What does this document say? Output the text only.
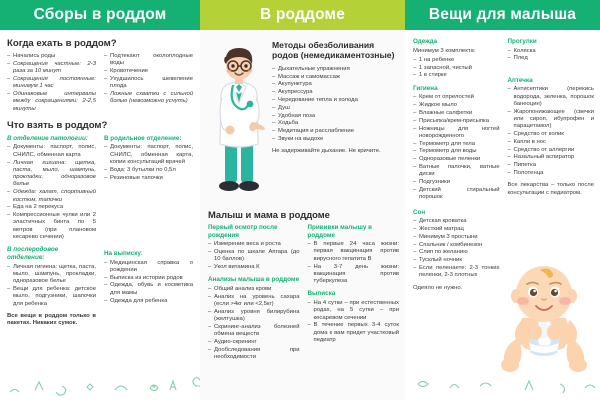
Сборы в роддом	В роддоме	Вещи для малыша
Когда ехать в роддом?
– Начались роды
– Сокращения частные: 2-3 раза за 10 минут
– Сокращения постоянные: минимум 1 час
– Одинаковые интервалы между сокращениями: 2-2,5 минуты
– Подтекают околоплодные воды
– Кровотечение
– Ухудшилось шевеление плода
– Ложные схватки с сильной болью (невозможно уснуть)
Что взять в роддом?
В отделение патологии:
– Документы: паспорт, полис, СНИЛС, обменная карта
– Личная гигиена: щетка, паста, мыло, шампунь, прокладки, одноразовое белье
– Одежда: халат, спортивный костюм, тапочки
– Еда на 2 перекуса
– Компрессионные чулки или 2 эластичных бинта по 5 метров (при плановом кесарево сечении)
В послеродовое отделение:
– Личная гигиена: щетка, паста, мыло, шампунь, прокладки, одноразовое белье
– Вещи для ребенка: детское мыло, подгузники, шапочки для ребенка

Все вещи в роддом только в пакетах. Никаких сумок.

В родильное отделение:
– Документы: паспорт, полис, СНИЛС, обменная карта, копии консультаций врачей
– Вода: 3 бутылки по 0,5л
– Резиновые тапочки
На выписку:
– Медицинская справка о рождении
– Выписка из истории родов
– Одежда, обувь и косметика для мамы
– Одежда для ребенка
Методы обезболивания родов (немедикаментозные)
– Дыхательные упражнения
– Массаж и самомассаж
– Акупунктура
– Акупрессура
– Чередование тепла и холода
– Душ
– Удобная поза
– Ходьба
– Медитация и расслабление
– Звуки на выдохе

Не задерживайте дыхание. Не кричите.

Малыш и мама в роддоме
Первый осмотр после рождения
– Измерение веса и роста
– Оценка по шкале Апгара (до 10 баллов)
– Укол витамина К
Анализы малыша в роддоме
– Общий анализ крови
– Анализ на уровень сахара (если >4кг или <2,5кг)
– Анализ уровня билирубина (желтушка)
– Скрининг-анализ болезней обмена веществ
– Аудио-скрининг
– Дообследования при необходимости
Прививки малышу в роддоме
– В первые 24 часа жизни: первая вакцинация против вирусного гепатита B
– На 3-7 день жизни: вакцинация против туберкулеза
Выписка
– На 4 сутки – при естественных родах, на 5 сутки – при кесаревом сечении
– В течение первых 3-4 суток дома к вам придет участковый педиатр
Одежда

Минимум 3 комплекта:

– 1 на ребенке
– 1 запасной, чистый
– 1 в стирке
Гигиена
– Крем от опрелостей
– Жидкое мыло
– Влажные салфетки
– Присыпка/крем-присыпка
– Ножницы для ногтей новорожденного
– Термометр для тела
– Термометр для воды
– Одноразовые пеленки
– Ватные палочки, ватные диски
– Подгузники
– Детский стиральный порошок
Сон
– Детская кроватка
– Жесткий матрац
– Минимум 3 простыни
– Спальник / комбинезон
– Слип по желанию
– Тусклый ночник
– Если пеленаете: 2-3 тонких пеленки, 2-3 плотных

Одеяло не нужно.

Прогулки
– Коляска
– Плед
Аптечка
– Антисептики (перекись водорода, зеленка, порошок банеоцин)
– Жаропонижающее (свечки или сироп, ибупрофен и парацетамол)
– Средство от колик
– Капли в нос
– Средство от аллергии
– Назальный аспиратор
– Пипетка
– Полотенца

Все лекарства – только после консультации с педиатром.
